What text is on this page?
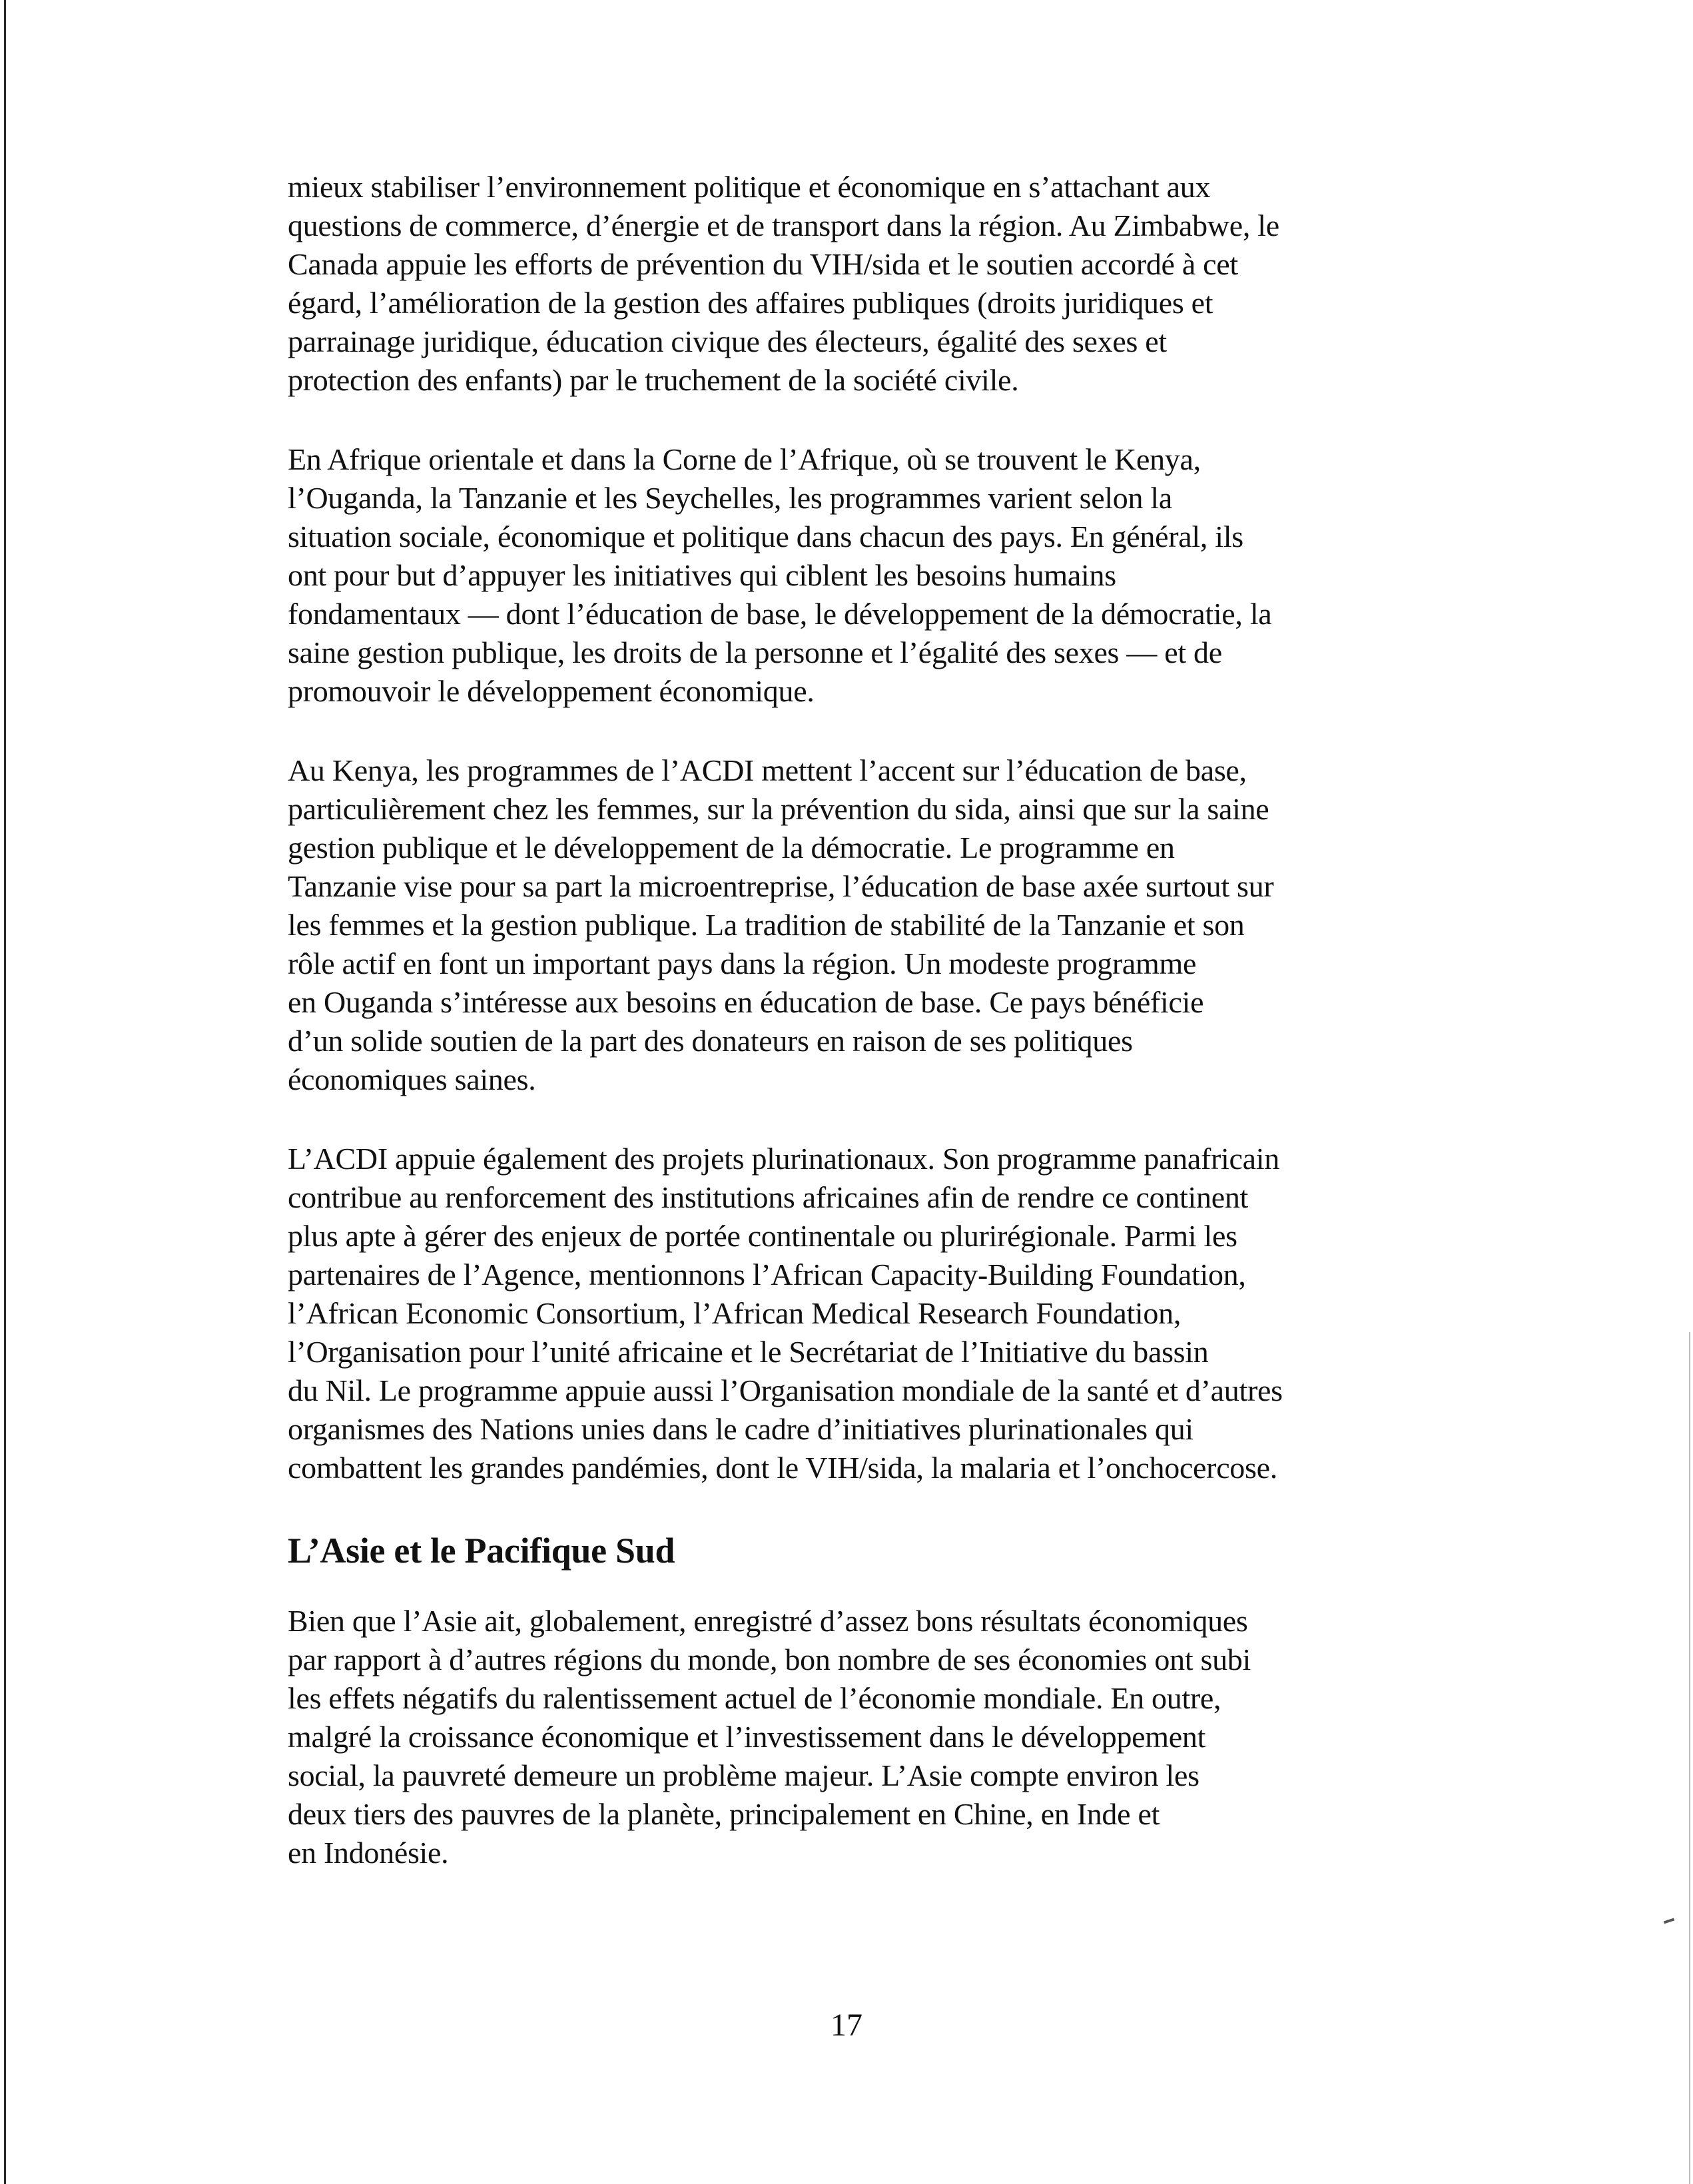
mieux stabiliser l’environnement politique et économique en s’attachant aux
questions de commerce, d’énergie et de transport dans la région. Au Zimbabwe, le
Canada appuie les efforts de prévention du VIH/sida et le soutien accordé à cet
égard, l’amélioration de la gestion des affaires publiques (droits juridiques et
parrainage juridique, éducation civique des électeurs, égalité des sexes et
protection des enfants) par le truchement de la société civile.

En Afrique orientale et dans la Corne de l’Afrique, où se trouvent le Kenya,
l’Ouganda, la Tanzanie et les Seychelles, les programmes varient selon la
situation sociale, économique et politique dans chacun des pays. En général, ils
ont pour but d’appuyer les initiatives qui ciblent les besoins humains
fondamentaux — dont l’éducation de base, le développement de la démocratie, la
saine gestion publique, les droits de la personne et l’égalité des sexes — et de
promouvoir le développement économique.

Au Kenya, les programmes de l’ACDI mettent l’accent sur l’éducation de base,
particulièrement chez les femmes, sur la prévention du sida, ainsi que sur la saine
gestion publique et le développement de la démocratie. Le programme en
Tanzanie vise pour sa part la microentreprise, l’éducation de base axée surtout sur
les femmes et la gestion publique. La tradition de stabilité de la Tanzanie et son
rôle actif en font un important pays dans la région. Un modeste programme
en Ouganda s’intéresse aux besoins en éducation de base. Ce pays bénéficie
d’un solide soutien de la part des donateurs en raison de ses politiques
économiques saines.

L’ACDI appuie également des projets plurinationaux. Son programme panafricain
contribue au renforcement des institutions africaines afin de rendre ce continent
plus apte à gérer des enjeux de portée continentale ou plurirégionale. Parmi les
partenaires de l’Agence, mentionnons l’African Capacity-Building Foundation,
l’African Economic Consortium, l’African Medical Research Foundation,
l’Organisation pour l’unité africaine et le Secrétariat de l’Initiative du bassin
du Nil. Le programme appuie aussi l’Organisation mondiale de la santé et d’autres
organismes des Nations unies dans le cadre d’initiatives plurinationales qui
combattent les grandes pandémies, dont le VIH/sida, la malaria et l’onchocercose.

L’Asie et le Pacifique Sud

Bien que l’Asie ait, globalement, enregistré d’assez bons résultats économiques
par rapport à d’autres régions du monde, bon nombre de ses économies ont subi
les effets négatifs du ralentissement actuel de l’économie mondiale. En outre,
malgré la croissance économique et l’investissement dans le développement
social, la pauvreté demeure un problème majeur. L’Asie compte environ les
deux tiers des pauvres de la planète, principalement en Chine, en Inde et
en Indonésie.

17
